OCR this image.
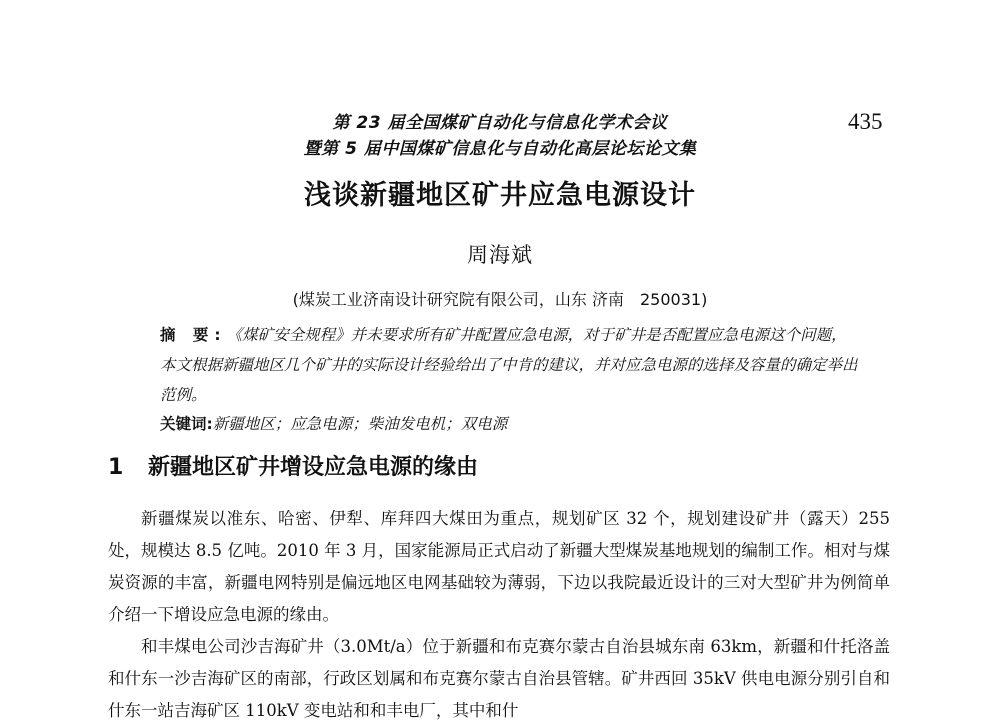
第 23 届全国煤矿自动化与信息化学术会议
暨第 5 届中国煤矿信息化与自动化高层论坛论文集
435
浅谈新疆地区矿井应急电源设计
周海斌
(煤炭工业济南设计研究院有限公司，山东 济南　250031)
摘 要:《煤矿安全规程》并未要求所有矿井配置应急电源，对于矿井是否配置应急电源这个问题，本文根据新疆地区几个矿井的实际设计经验给出了中肯的建议，并对应急电源的选择及容量的确定举出范例。
关键词:新疆地区；应急电源；柴油发电机；双电源
1 新疆地区矿井增设应急电源的缘由

新疆煤炭以准东、哈密、伊犁、库拜四大煤田为重点，规划矿区 32 个，规划建设矿井（露天）255 处，规模达 8.5 亿吨。2010 年 3 月，国家能源局正式启动了新疆大型煤炭基地规划的编制工作。相对与煤炭资源的丰富，新疆电网特别是偏远地区电网基础较为薄弱，下边以我院最近设计的三对大型矿井为例简单介绍一下增设应急电源的缘由。

和丰煤电公司沙吉海矿井（3.0Mt/a）位于新疆和布克赛尔蒙古自治县城东南 63km，新疆和什托洛盖和什东一沙吉海矿区的南部，行政区划属和布克赛尔蒙古自治县管辖。矿井西回 35kV 供电电源分别引自和什东一站吉海矿区 110kV 变电站和和丰电厂，其中和什
